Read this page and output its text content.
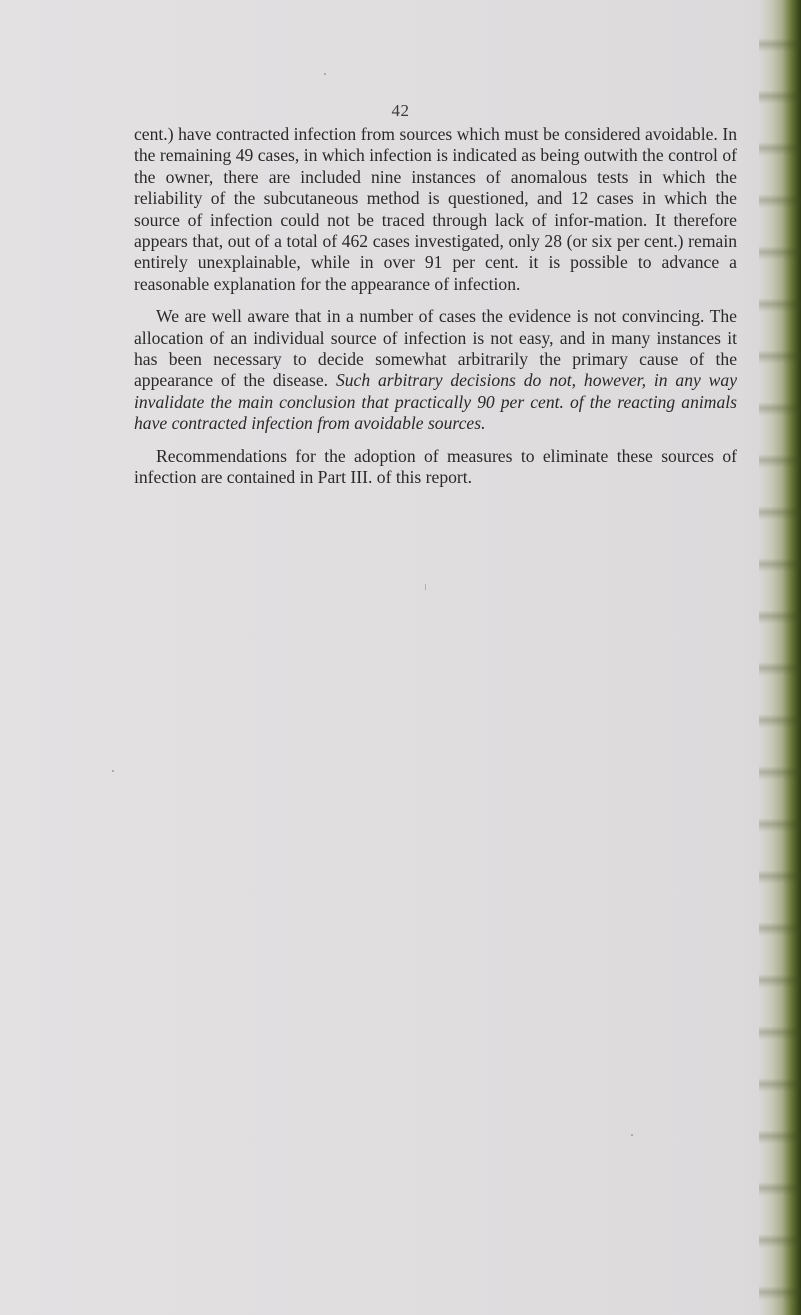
42

cent.) have contracted infection from sources which must be considered avoidable. In the remaining 49 cases, in which infection is indicated as being outwith the control of the owner, there are included nine instances of anomalous tests in which the reliability of the subcutaneous method is questioned, and 12 cases in which the source of infection could not be traced through lack of infor-mation. It therefore appears that, out of a total of 462 cases investigated, only 28 (or six per cent.) remain entirely unexplainable, while in over 91 per cent. it is possible to advance a reasonable explanation for the appearance of infection.

We are well aware that in a number of cases the evidence is not convincing. The allocation of an individual source of infection is not easy, and in many instances it has been necessary to decide somewhat arbitrarily the primary cause of the appearance of the disease. Such arbitrary decisions do not, however, in any way invalidate the main conclusion that practically 90 per cent. of the reacting animals have contracted infection from avoidable sources.

Recommendations for the adoption of measures to eliminate these sources of infection are contained in Part III. of this report.
